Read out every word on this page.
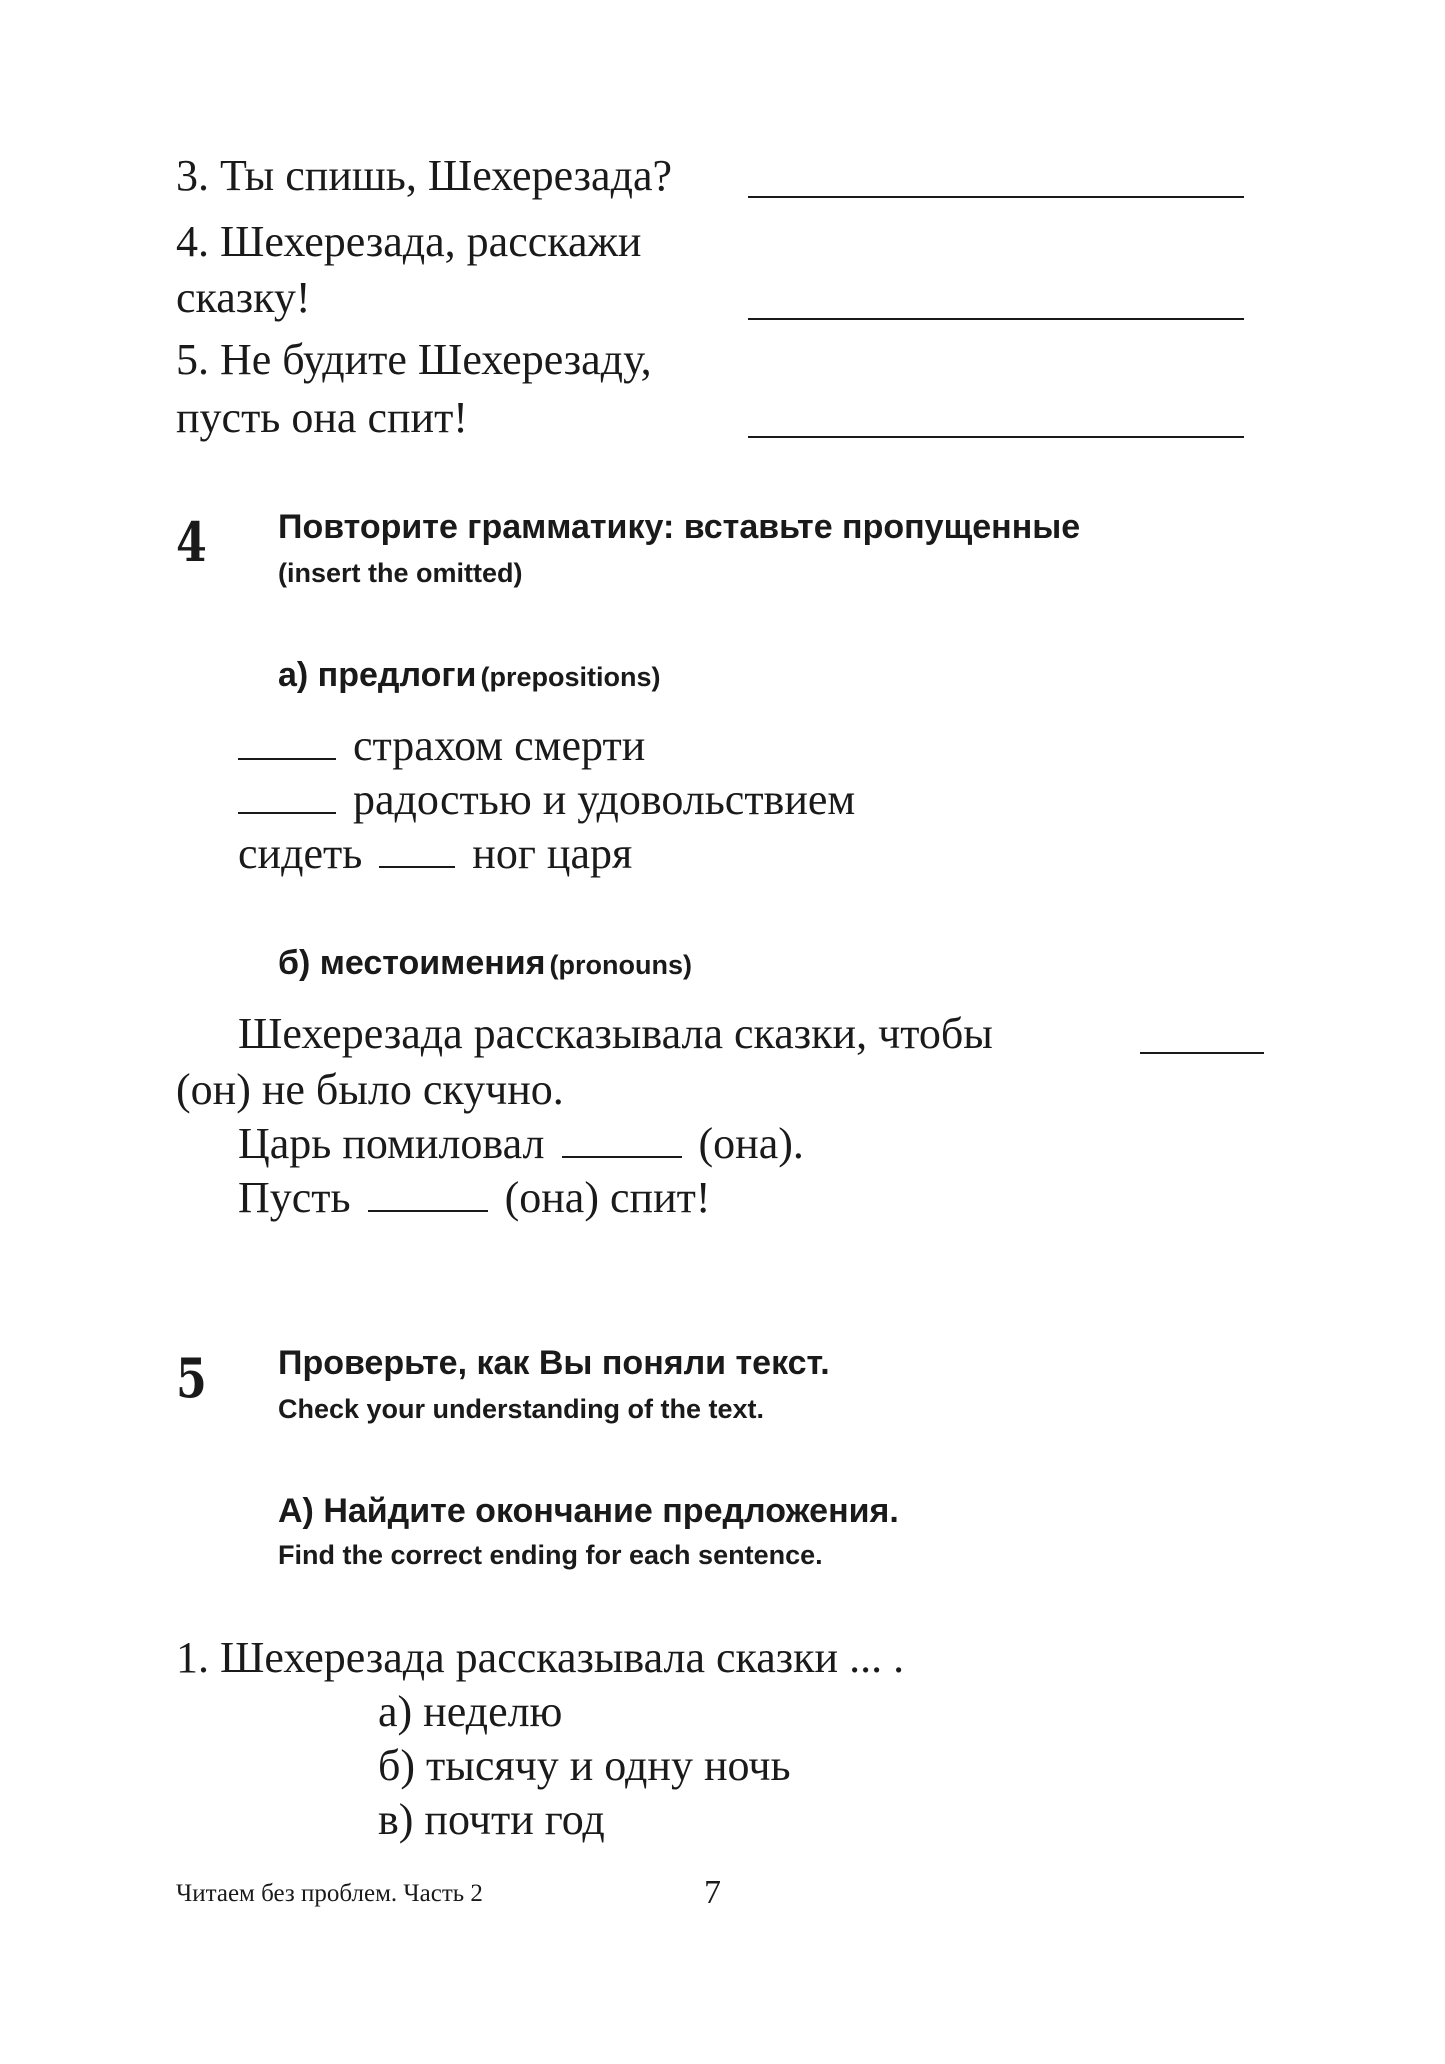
3. Ты спишь, Шехерезада?
4. Шехерезада, расскажи
сказку!
5. Не будите Шехерезаду,
пусть она спит!
4 Повторите грамматику: вставьте пропущенные
(insert the omitted)
а) предлоги (prepositions)
страхом смерти
радостью и удовольствием
сидеть	ног царя
б) местоимения (pronouns)
Шехерезада рассказывала сказки, чтобы
(он) не было скучно.
Царь помиловал	(она).
Пусть	(она) спит!
5 Проверьте, как Вы поняли текст.
Check your understanding of the text.
А) Найдите окончание предложения.
Find the correct ending for each sentence.
1. Шехерезада рассказывала сказки ... .
а) неделю
б) тысячу и одну ночь
в) почти год
Читаем без проблем. Часть 2	7
